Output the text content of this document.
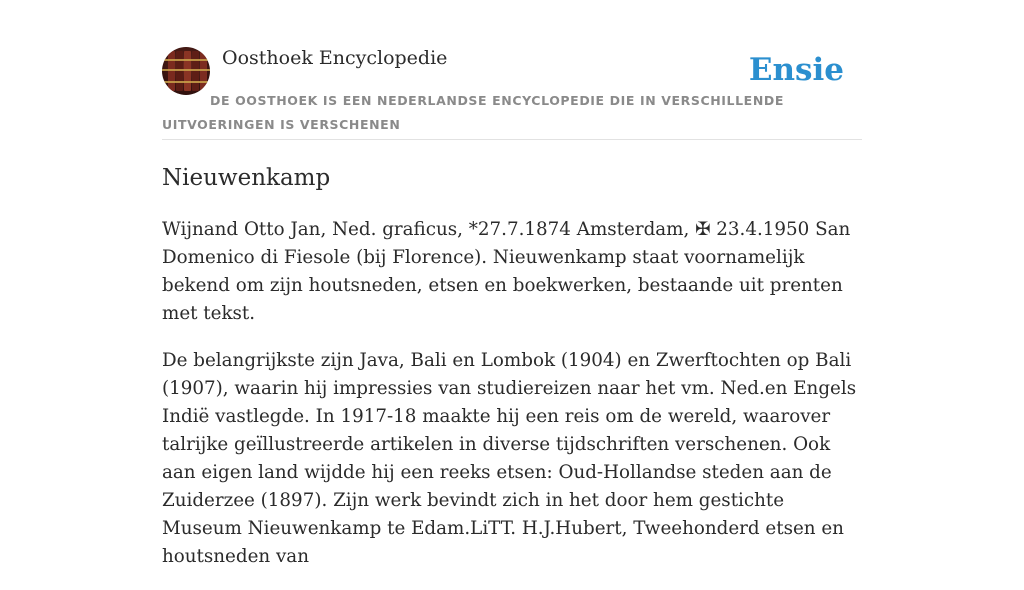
Oosthoek Encyclopedie	Ensie
DE OOSTHOEK IS EEN NEDERLANDSE ENCYCLOPEDIE DIE IN VERSCHILLENDE UITVOERINGEN IS VERSCHENEN
Nieuwenkamp

Wijnand Otto Jan, Ned. graficus, *27.7.1874 Amsterdam, ✠ 23.4.1950 San Domenico di Fiesole (bij Florence). Nieuwenkamp staat voornamelijk bekend om zijn houtsneden, etsen en boekwerken, bestaande uit prenten met tekst.

De belangrijkste zijn Java, Bali en Lombok (1904) en Zwerftochten op Bali (1907), waarin hij impressies van studiereizen naar het vm. Ned.en Engels Indië vastlegde. In 1917-18 maakte hij een reis om de wereld, waarover talrijke geïllustreerde artikelen in diverse tijdschriften verschenen. Ook aan eigen land wijdde hij een reeks etsen: Oud-Hollandse steden aan de Zuiderzee (1897). Zijn werk bevindt zich in het door hem gestichte Museum Nieuwenkamp te Edam.LiTT. H.J.Hubert, Tweehonderd etsen en houtsneden van
